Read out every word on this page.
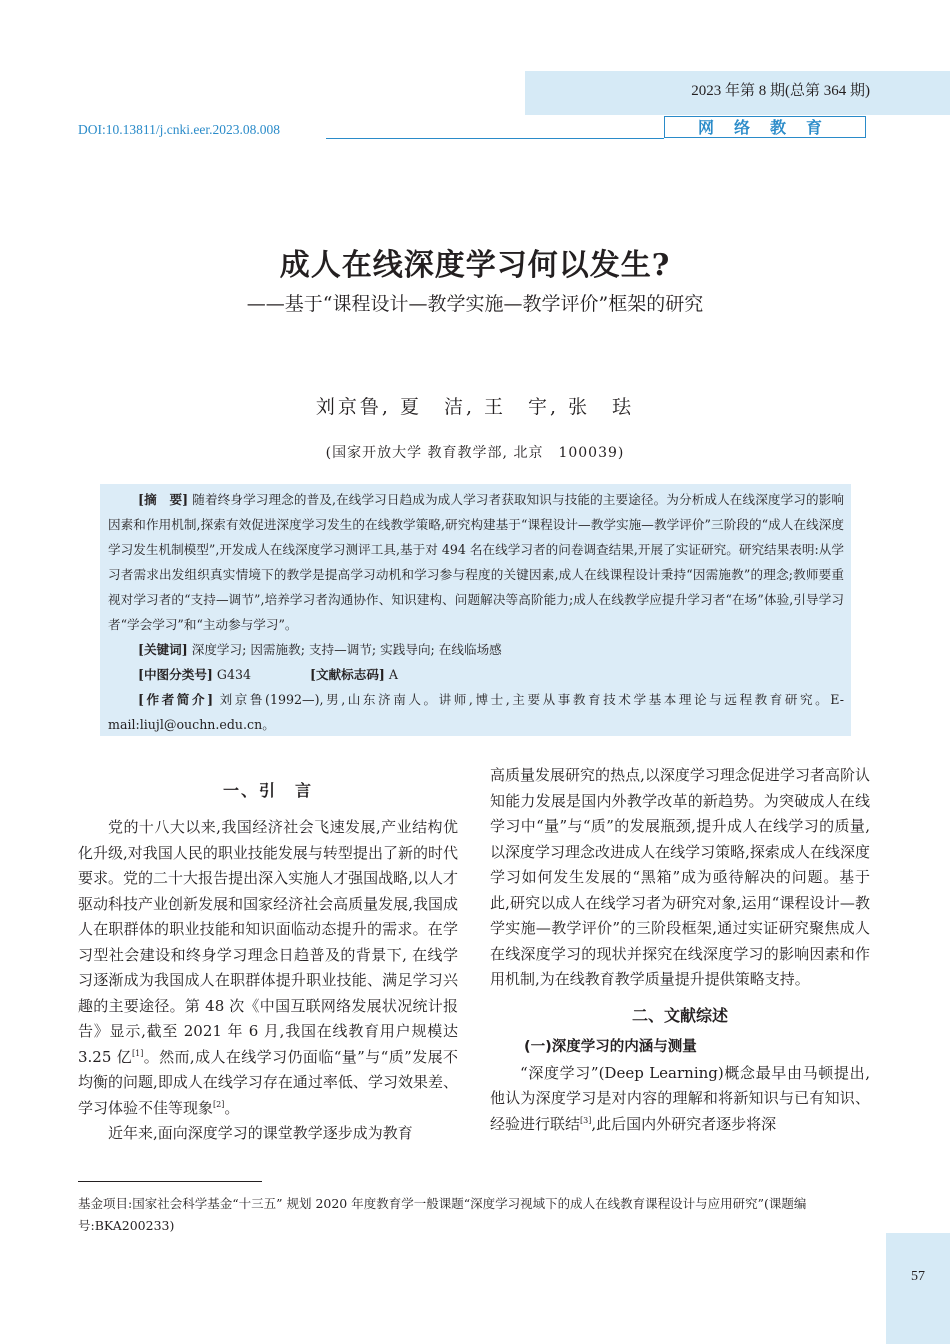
2023 年第 8 期(总第 364 期)
DOI:10.13811/j.cnki.eer.2023.08.008	网络教育
成人在线深度学习何以发生?
——基于“课程设计—教学实施—教学评价”框架的研究
刘京鲁, 夏　洁, 王　宇, 张　珐
(国家开放大学 教育教学部, 北京　100039)

[摘　要] 随着终身学习理念的普及,在线学习日趋成为成人学习者获取知识与技能的主要途径。为分析成人在线深度学习的影响因素和作用机制,探索有效促进深度学习发生的在线教学策略,研究构建基于“课程设计—教学实施—教学评价”三阶段的“成人在线深度学习发生机制模型”,开发成人在线深度学习测评工具,基于对 494 名在线学习者的问卷调查结果,开展了实证研究。研究结果表明:从学习者需求出发组织真实情境下的教学是提高学习动机和学习参与程度的关键因素,成人在线课程设计秉持“因需施教”的理念;教师要重视对学习者的“支持—调节”,培养学习者沟通协作、知识建构、问题解决等高阶能力;成人在线教学应提升学习者“在场”体验,引导学习者“学会学习”和“主动参与学习”。

[关键词] 深度学习; 因需施教; 支持—调节; 实践导向; 在线临场感

[中图分类号] G434	[文献标志码] A

[作者简介] 刘京鲁(1992—),男,山东济南人。讲师,博士,主要从事教育技术学基本理论与远程教育研究。E-mail:liujl@ouchn.edu.cn。

一、引　言

党的十八大以来,我国经济社会飞速发展,产业结构优化升级,对我国人民的职业技能发展与转型提出了新的时代要求。党的二十大报告提出深入实施人才强国战略,以人才驱动科技产业创新发展和国家经济社会高质量发展,我国成人在职群体的职业技能和知识面临动态提升的需求。在学习型社会建设和终身学习理念日趋普及的背景下, 在线学习逐渐成为我国成人在职群体提升职业技能、满足学习兴趣的主要途径。第 48 次《中国互联网络发展状况统计报告》显示,截至 2021 年 6 月,我国在线教育用户规模达 3.25 亿[1]。然而,成人在线学习仍面临“量”与“质”发展不均衡的问题,即成人在线学习存在通过率低、学习效果差、学习体验不佳等现象[2]。

近年来,面向深度学习的课堂教学逐步成为教育

高质量发展研究的热点,以深度学习理念促进学习者高阶认知能力发展是国内外教学改革的新趋势。为突破成人在线学习中“量”与“质”的发展瓶颈,提升成人在线学习的质量,以深度学习理念改进成人在线学习策略,探索成人在线深度学习如何发生发展的“黑箱”成为亟待解决的问题。基于此,研究以成人在线学习者为研究对象,运用“课程设计—教学实施—教学评价”的三阶段框架,通过实证研究聚焦成人在线深度学习的现状并探究在线深度学习的影响因素和作用机制,为在线教育教学质量提升提供策略支持。

二、文献综述
(一)深度学习的内涵与测量

“深度学习”(Deep Learning)概念最早由马顿提出,他认为深度学习是对内容的理解和将新知识与已有知识、经验进行联结[3],此后国内外研究者逐步将深

基金项目:国家社会科学基金“十三五” 规划 2020 年度教育学一般课题“深度学习视域下的成人在线教育课程设计与应用研究”(课题编号:BKA200233)
57
